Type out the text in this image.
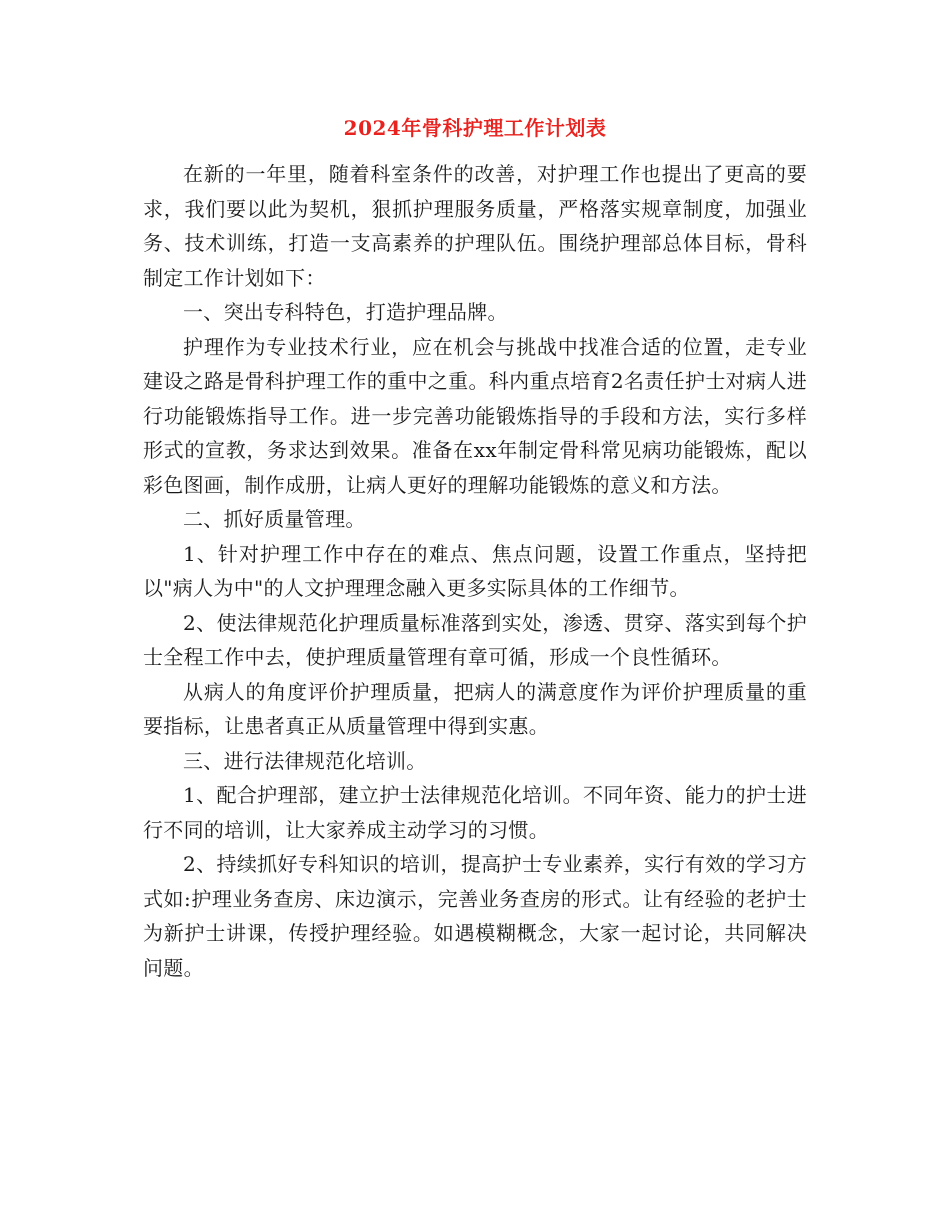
2024年骨科护理工作计划表

在新的一年里，随着科室条件的改善，对护理工作也提出了更高的要求，我们要以此为契机，狠抓护理服务质量，严格落实规章制度，加强业务、技术训练，打造一支高素养的护理队伍。围绕护理部总体目标，骨科制定工作计划如下：

一、突出专科特色，打造护理品牌。

护理作为专业技术行业，应在机会与挑战中找准合适的位置，走专业建设之路是骨科护理工作的重中之重。科内重点培育2名责任护士对病人进行功能锻炼指导工作。进一步完善功能锻炼指导的手段和方法，实行多样形式的宣教，务求达到效果。准备在xx年制定骨科常见病功能锻炼，配以彩色图画，制作成册，让病人更好的理解功能锻炼的意义和方法。

二、抓好质量管理。

1、针对护理工作中存在的难点、焦点问题，设置工作重点，坚持把以"病人为中"的人文护理理念融入更多实际具体的工作细节。

2、使法律规范化护理质量标准落到实处，渗透、贯穿、落实到每个护士全程工作中去，使护理质量管理有章可循，形成一个良性循环。

从病人的角度评价护理质量，把病人的满意度作为评价护理质量的重要指标，让患者真正从质量管理中得到实惠。

三、进行法律规范化培训。

1、配合护理部，建立护士法律规范化培训。不同年资、能力的护士进行不同的培训，让大家养成主动学习的习惯。

2、持续抓好专科知识的培训，提高护士专业素养，实行有效的学习方式如:护理业务查房、床边演示，完善业务查房的形式。让有经验的老护士为新护士讲课，传授护理经验。如遇模糊概念，大家一起讨论，共同解决问题。
